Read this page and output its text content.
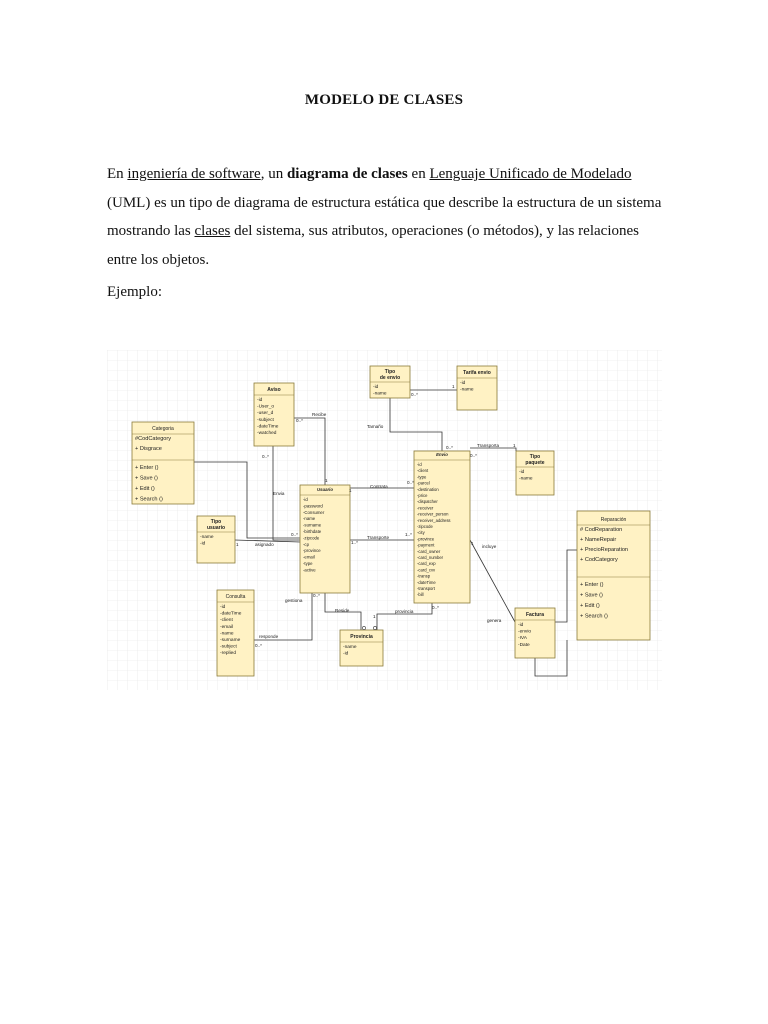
MODELO DE CLASES
En ingeniería de software, un diagrama de clases en Lenguaje Unificado de Modelado (UML) es un tipo de diagrama de estructura estática que describe la estructura de un sistema mostrando las clases del sistema, sus atributos, operaciones (o métodos), y las relaciones entre los objetos.
Ejemplo:
Categoria
#CodCategory
+ Disgrace
+ Enter ()
+ Save ()
+ Edit ()
+ Search ()
Aviso
-id
-User_o
-user_d
-subject
-dateTime
-watched
Tipo
de envio
-id
-name
Tarifa envio
-id
-name
Tipo
usuario
-name
-id
Usuario
-id
-password
-Consumer
-name
-surname
-birthdate
-zipcode
-cp
-province
-email
-type
-active
Envio
-id
-client
-type
-parcel
-destination
-price
-dispatcher
-receiver
-receiver_person
-receiver_address
-zipcode
-city
-province
-payment
-card_owner
-card_number
-card_exp
-card_cvv
-transp
-dateTime
-transport
-bill
Tipo
paquete
-id
-name
Reparación
# CodReparation
+ NameRepair
+ PrecioReparation
+ CodCategory
+ Enter ()
+ Save ()
+ Edit ()
+ Search ()
Consulta
-id
-dateTime
-client
-email
-name
-surname
-subject
-replied
Provincia
-name
-id
Factura
-id
-envio
-IVA
-Date
Recibe
Envia
Tamaño
Transporta
Contrata
Transporte
asignado	incluye
gestiona
Reside	provincia
responde
genera
0..*
0..*
1
1
0..*
0..*
1	1..*
1..*
0..*
1
0..*
0..*
1
1
0..*
0..*
0..*
1
